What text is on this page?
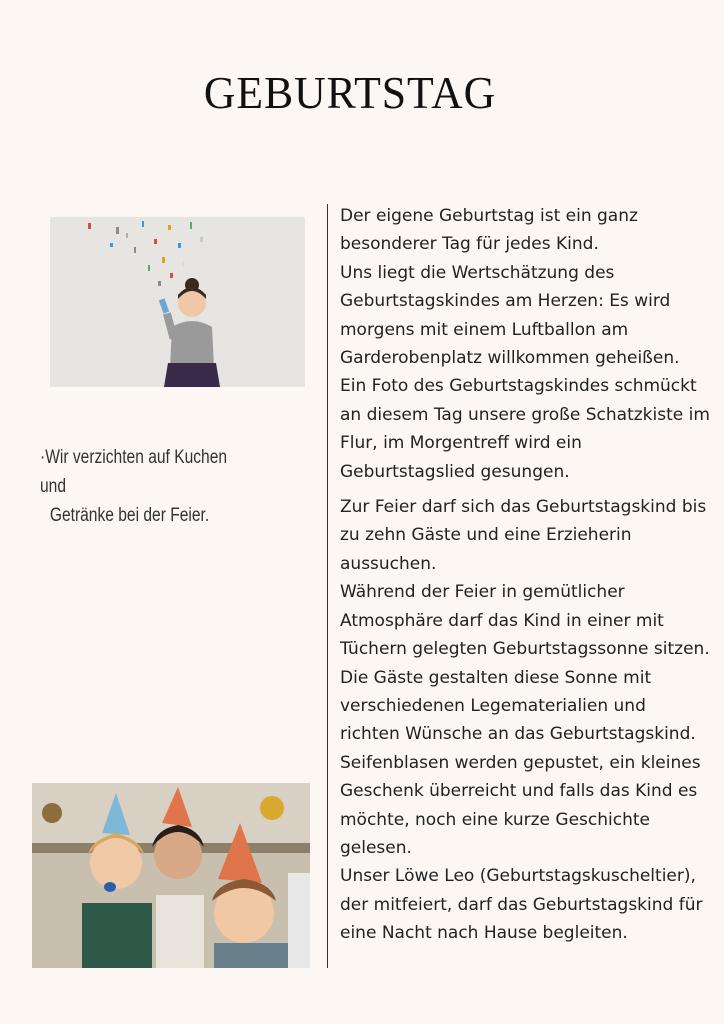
GEBURTSTAG
·Wir verzichten auf Kuchen und
Getränke bei der Feier.

Der eigene Geburtstag ist ein ganz besonderer Tag für jedes Kind.

Uns liegt die Wertschätzung des Geburtstagskindes am Herzen: Es wird morgens mit einem Luftballon am Garderobenplatz willkommen geheißen.

Ein Foto des Geburtstagskindes schmückt an diesem Tag unsere große Schatzkiste im Flur, im Morgentreff wird ein Geburtstagslied gesungen.

Zur Feier darf sich das Geburtstagskind bis zu zehn Gäste und eine Erzieherin aussuchen.

Während der Feier in gemütlicher Atmosphäre darf das Kind in einer mit Tüchern gelegten Geburtstagssonne sitzen. Die Gäste gestalten diese Sonne mit verschiedenen Legematerialien und richten Wünsche an das Geburtstagskind.

Seifenblasen werden gepustet, ein kleines Geschenk überreicht und falls das Kind es möchte, noch eine kurze Geschichte gelesen.

Unser Löwe Leo (Geburtstagskuscheltier), der mitfeiert, darf das Geburtstagskind für eine Nacht nach Hause begleiten.
